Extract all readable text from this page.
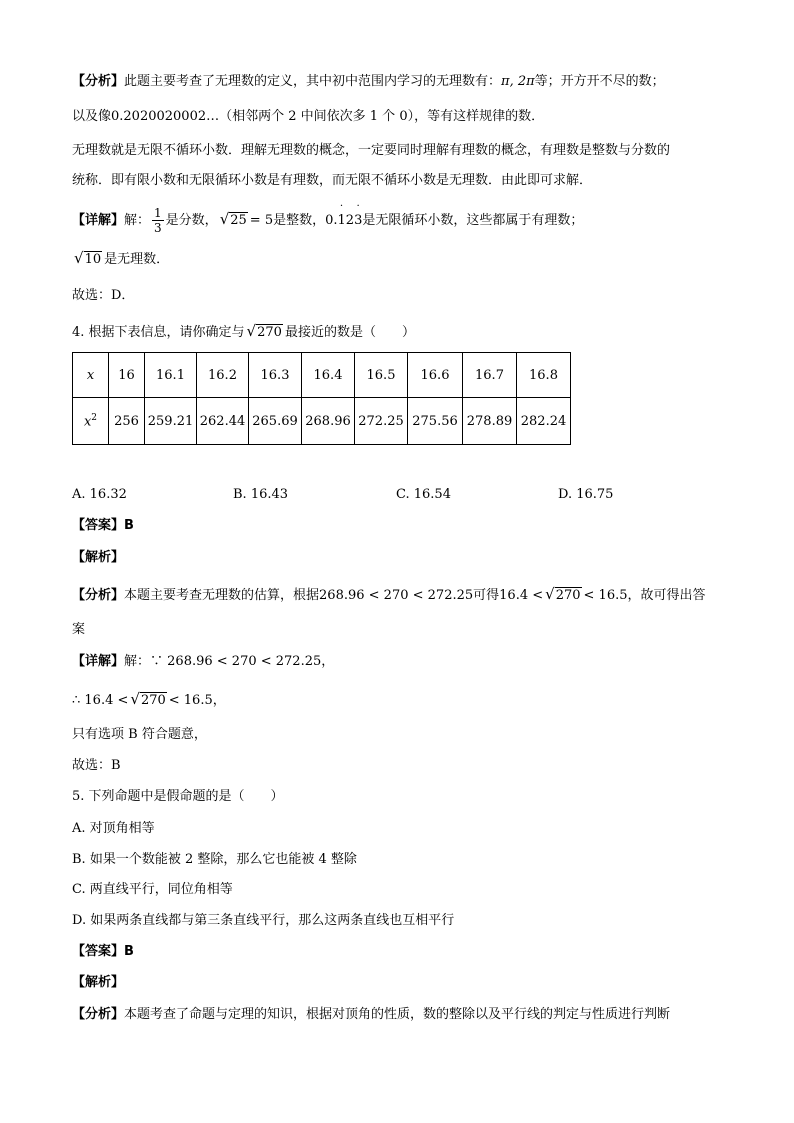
【分析】此题主要考查了无理数的定义，其中初中范围内学习的无理数有：π, 2π等；开方开不尽的数；
以及像0.2020020002…（相邻两个 2 中间依次多 1 个 0），等有这样规律的数．
无理数就是无限不循环小数．理解无理数的概念，一定要同时理解有理数的概念，有理数是整数与分数的
统称．即有限小数和无限循环小数是有理数，而无限不循环小数是无理数．由此即可求解．
【详解】解： $\frac{1}{3}$ 是分数， √25 = 5是整数，0.1 ˙23 ˙是无限循环小数，这些都属于有理数；
√10 是无理数．
故选：D．
4. 根据下表信息，请你确定与 √270 最接近的数是（　　）
x	16	16.1	16.2	16.3	16.4	16.5	16.6	16.7	16.8
$x^2$	256	259.21	262.44	265.69	268.96	272.25	275.56	278.89	282.24
A. 16.32	B. 16.43	C. 16.54	D. 16.75
【答案】B
【解析】
【分析】本题主要考查无理数的估算，根据268.96 < 270 < 272.25可得16.4 < √270 < 16.5，故可得出答
案
【详解】解：∵ 268.96 < 270 < 272.25，
∴ 16.4 < √270 < 16.5，
只有选项 B 符合题意，
故选：B
5. 下列命题中是假命题的是（　　）
A. 对顶角相等
B. 如果一个数能被 2 整除，那么它也能被 4 整除
C. 两直线平行，同位角相等
D. 如果两条直线都与第三条直线平行，那么这两条直线也互相平行
【答案】B
【解析】
【分析】本题考查了命题与定理的知识，根据对顶角的性质，数的整除以及平行线的判定与性质进行判断
